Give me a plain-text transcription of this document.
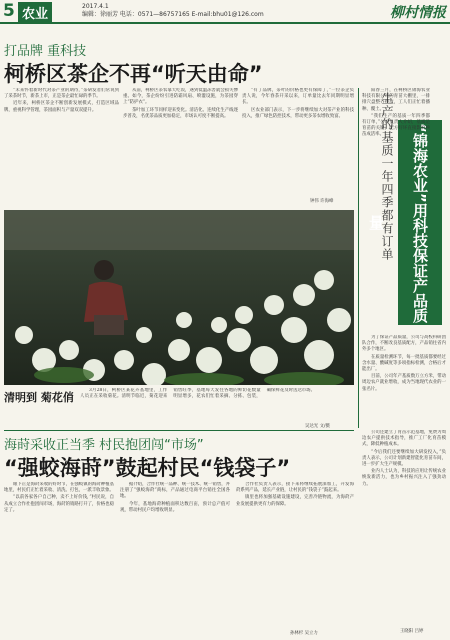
5 农业
2017.4.1
编辑：徐丽芳 电话：0571—86757165 E-mail:bhu01@126.com	柳村情报
打品牌 重科技
柯桥区茶企不再“听天由命”

“未来怀着新时代对茶产业的期待，”茶研发者们常说到了采茶时节，新茶上市，正是茶企最忙碌的季节。

近年来，柯桥区茶企不断创新发展模式，打造区域品牌，重视科学管理，茶园面积与产量双双提升。

从前，柯桥区茶农靠天吃饭，遇到低温冻害就会损失惨重。如今，茶企纷纷引进防霜风扇、喷灌设施，为茶园穿上“防护衣”。

茶叶加工环节同样迎来变化。清洁化、连续化生产线逐步普及，名优茶品质更加稳定，市场认可度不断提高。

“有了品牌，茶叶的价格也更有保障了，”一位茶企负责人说，今年春茶开采以来，订单量比去年同期明显增长。

区农业部门表示，下一步将继续加大对茶产业的科技投入，推广绿色防控技术，带动更多茶农增收致富。

钟伟 许海峰
清明到 菊花俏

3月28日，柯桥区某花卉基地里，工作人员正在采收菊花。清明节临近，菊花迎来销售旺季，基地每天发往各地的鲜切花数量明显增多，花农们忙着采摘、分拣、包装，确保鲜花及时送达市场。

吴达光 文/摄
生产的基质一年四季都有订单	“锦海农业”用科技保证产品质量

阳春三月，在柯桥区锦海农业科技有限公司的育苗大棚里，一排排穴盘整齐摆放，工人们正忙着播种、覆土。

“我们生产的基质一年四季都有订单，”公司负责人介绍，基质是育苗的关键，配方好坏直接影响秧苗成活率。

为了保证产品质量，公司与高校科研团队合作，不断改良基质配方，产品销往省内外多个地区。

在质量检测环节，每一批基质都要经过含水量、酸碱度等多项指标检测，合格后才能出厂。

目前，公司年产基质数万立方米，带动周边农户就业增收，成为当地现代农业的一张名片。

公司还建立了育苗示范基地，免费为周边农户提供技术指导，推广工厂化育苗模式，降低种植成本。

“今后我们还要继续加大研发投入，”负责人表示，公司计划新建智能化育苗车间，进一步扩大生产规模。

业内人士认为，科技的应用让传统农业焕发新活力，也为乡村振兴注入了强劲动力。

王晓阳 吕婷
海莳采收正当季 村民抱团闯“市场”
“强蛟海莳”鼓起村民“钱袋子”

眼下正是海莳采收的好时节，在强蛟镇的海莳种植基地里，村民们正忙着采收、清洗、打包，一派丰收景象。

“以前各家各户自己种，卖不上好价钱，”村民说，自从成立合作社抱团闯市场，海莳的销路打开了，价格也稳定了。

据介绍，合作社统一品种、统一技术、统一销售，并注册了“强蛟海莳”商标，产品通过电商平台销往全国各地。

今年，基地海莳种植面积达数百亩，预计总产值可观，带动村民户均增收明显。

合作社负责人表示，接下来将继续拓展深加工，开发海莳系列产品，延长产业链，让村民的“钱袋子”鼓起来。

镇里也将加强基础设施建设，完善冷链物流，为海莳产业发展提供更有力的保障。

孙林杉 吴立力
